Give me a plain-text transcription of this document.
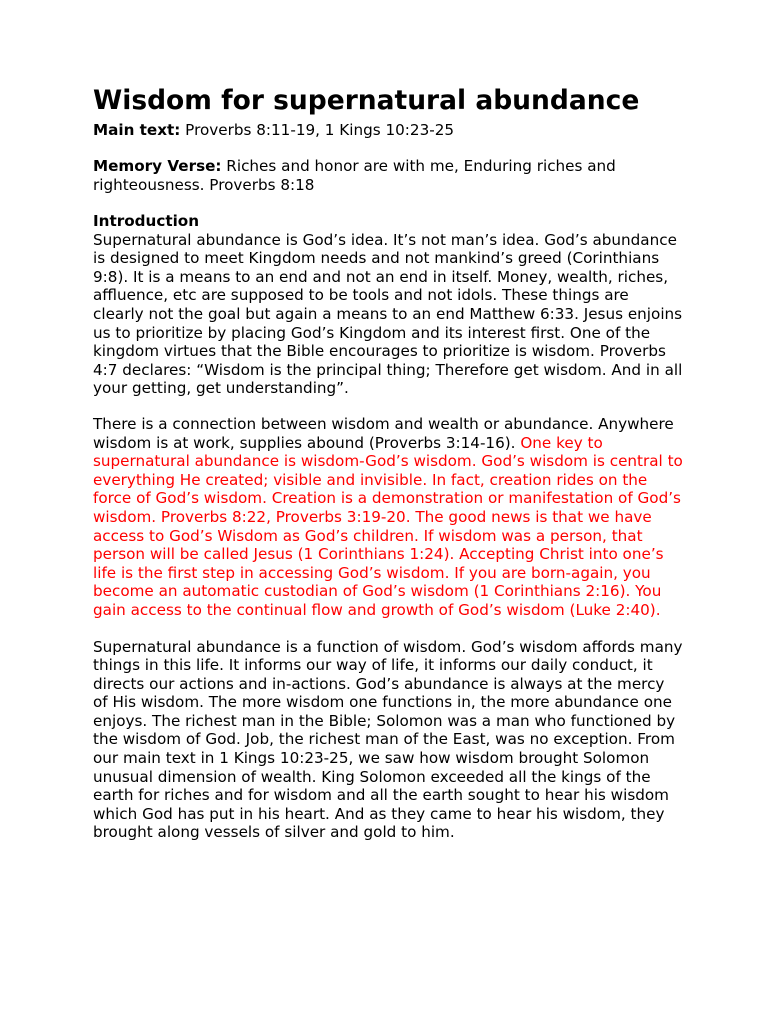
Wisdom for supernatural abundance

Main text: Proverbs 8:11-19, 1 Kings 10:23-25

Memory Verse: Riches and honor are with me, Enduring riches and righteousness. Proverbs 8:18

Introduction

Supernatural abundance is God’s idea. It’s not man’s idea. God’s abundance is designed to meet Kingdom needs and not mankind’s greed (Corinthians 9:8). It is a means to an end and not an end in itself. Money, wealth, riches, affluence, etc are supposed to be tools and not idols. These things are clearly not the goal but again a means to an end Matthew 6:33. Jesus enjoins us to prioritize by placing God’s Kingdom and its interest first. One of the kingdom virtues that the Bible encourages to prioritize is wisdom. Proverbs 4:7 declares: “Wisdom is the principal thing; Therefore get wisdom. And in all your getting, get understanding”.

There is a connection between wisdom and wealth or abundance. Anywhere wisdom is at work, supplies abound (Proverbs 3:14-16). One key to supernatural abundance is wisdom-God’s wisdom. God’s wisdom is central to everything He created; visible and invisible. In fact, creation rides on the force of God’s wisdom. Creation is a demonstration or manifestation of God’s wisdom. Proverbs 8:22, Proverbs 3:19-20. The good news is that we have access to God’s Wisdom as God’s children. If wisdom was a person, that person will be called Jesus (1 Corinthians 1:24). Accepting Christ into one’s life is the first step in accessing God’s wisdom. If you are born-again, you become an automatic custodian of God’s wisdom (1 Corinthians 2:16). You gain access to the continual flow and growth of God’s wisdom (Luke 2:40).

Supernatural abundance is a function of wisdom. God’s wisdom affords many things in this life. It informs our way of life, it informs our daily conduct, it directs our actions and in-actions. God’s abundance is always at the mercy of His wisdom. The more wisdom one functions in, the more abundance one enjoys. The richest man in the Bible; Solomon was a man who functioned by the wisdom of God. Job, the richest man of the East, was no exception. From our main text in 1 Kings 10:23-25, we saw how wisdom brought Solomon unusual dimension of wealth. King Solomon exceeded all the kings of the earth for riches and for wisdom and all the earth sought to hear his wisdom which God has put in his heart. And as they came to hear his wisdom, they brought along vessels of silver and gold to him.
